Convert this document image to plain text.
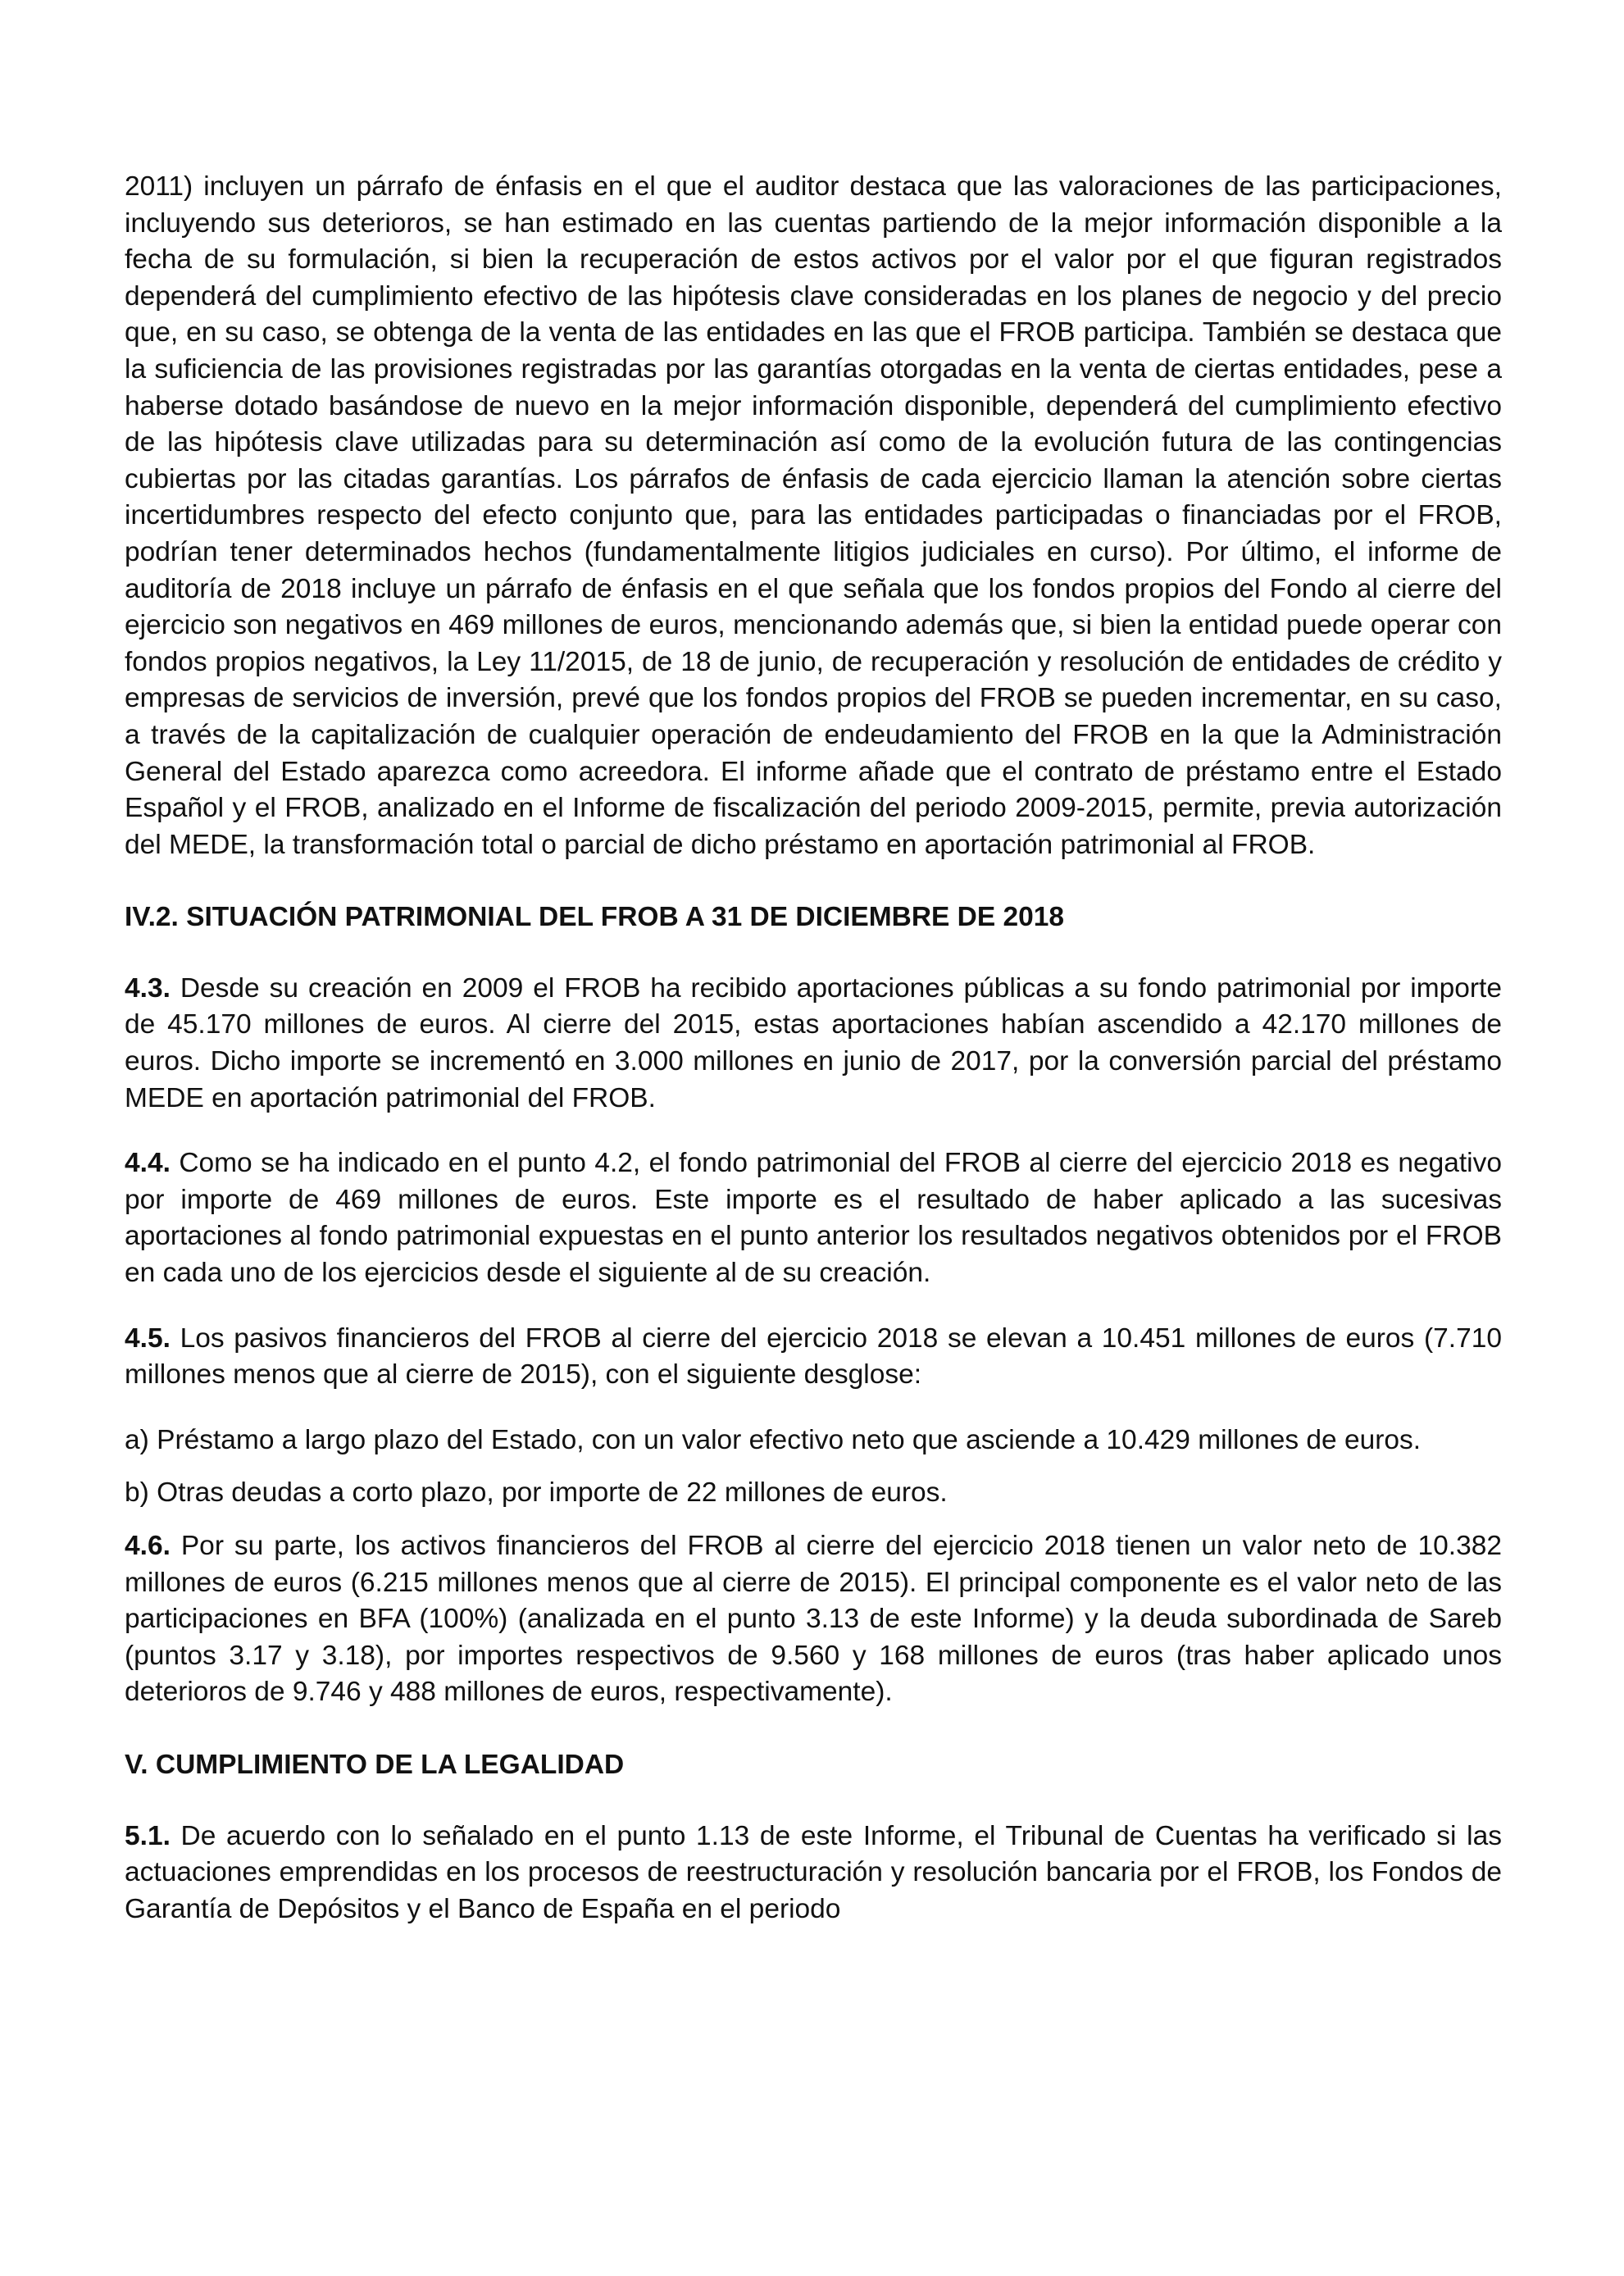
2011) incluyen un párrafo de énfasis en el que el auditor destaca que las valoraciones de las participaciones, incluyendo sus deterioros, se han estimado en las cuentas partiendo de la mejor información disponible a la fecha de su formulación, si bien la recuperación de estos activos por el valor por el que figuran registrados dependerá del cumplimiento efectivo de las hipótesis clave consideradas en los planes de negocio y del precio que, en su caso, se obtenga de la venta de las entidades en las que el FROB participa. También se destaca que la suficiencia de las provisiones registradas por las garantías otorgadas en la venta de ciertas entidades, pese a haberse dotado basándose de nuevo en la mejor información disponible, dependerá del cumplimiento efectivo de las hipótesis clave utilizadas para su determinación así como de la evolución futura de las contingencias cubiertas por las citadas garantías. Los párrafos de énfasis de cada ejercicio llaman la atención sobre ciertas incertidumbres respecto del efecto conjunto que, para las entidades participadas o financiadas por el FROB, podrían tener determinados hechos (fundamentalmente litigios judiciales en curso). Por último, el informe de auditoría de 2018 incluye un párrafo de énfasis en el que señala que los fondos propios del Fondo al cierre del ejercicio son negativos en 469 millones de euros, mencionando además que, si bien la entidad puede operar con fondos propios negativos, la Ley 11/2015, de 18 de junio, de recuperación y resolución de entidades de crédito y empresas de servicios de inversión, prevé que los fondos propios del FROB se pueden incrementar, en su caso, a través de la capitalización de cualquier operación de endeudamiento del FROB en la que la Administración General del Estado aparezca como acreedora. El informe añade que el contrato de préstamo entre el Estado Español y el FROB, analizado en el Informe de fiscalización del periodo 2009-2015, permite, previa autorización del MEDE, la transformación total o parcial de dicho préstamo en aportación patrimonial al FROB.

IV.2. SITUACIÓN PATRIMONIAL DEL FROB A 31 DE DICIEMBRE DE 2018

4.3. Desde su creación en 2009 el FROB ha recibido aportaciones públicas a su fondo patrimonial por importe de 45.170 millones de euros. Al cierre del 2015, estas aportaciones habían ascendido a 42.170 millones de euros. Dicho importe se incrementó en 3.000 millones en junio de 2017, por la conversión parcial del préstamo MEDE en aportación patrimonial del FROB.

4.4. Como se ha indicado en el punto 4.2, el fondo patrimonial del FROB al cierre del ejercicio 2018 es negativo por importe de 469 millones de euros. Este importe es el resultado de haber aplicado a las sucesivas aportaciones al fondo patrimonial expuestas en el punto anterior los resultados negativos obtenidos por el FROB en cada uno de los ejercicios desde el siguiente al de su creación.

4.5. Los pasivos financieros del FROB al cierre del ejercicio 2018 se elevan a 10.451 millones de euros (7.710 millones menos que al cierre de 2015), con el siguiente desglose:

a) Préstamo a largo plazo del Estado, con un valor efectivo neto que asciende a 10.429 millones de euros.

b) Otras deudas a corto plazo, por importe de 22 millones de euros.

4.6. Por su parte, los activos financieros del FROB al cierre del ejercicio 2018 tienen un valor neto de 10.382 millones de euros (6.215 millones menos que al cierre de 2015). El principal componente es el valor neto de las participaciones en BFA (100%) (analizada en el punto 3.13 de este Informe) y la deuda subordinada de Sareb (puntos 3.17 y 3.18), por importes respectivos de 9.560 y 168 millones de euros (tras haber aplicado unos deterioros de 9.746 y 488 millones de euros, respectivamente).

V. CUMPLIMIENTO DE LA LEGALIDAD

5.1. De acuerdo con lo señalado en el punto 1.13 de este Informe, el Tribunal de Cuentas ha verificado si las actuaciones emprendidas en los procesos de reestructuración y resolución bancaria por el FROB, los Fondos de Garantía de Depósitos y el Banco de España en el periodo
